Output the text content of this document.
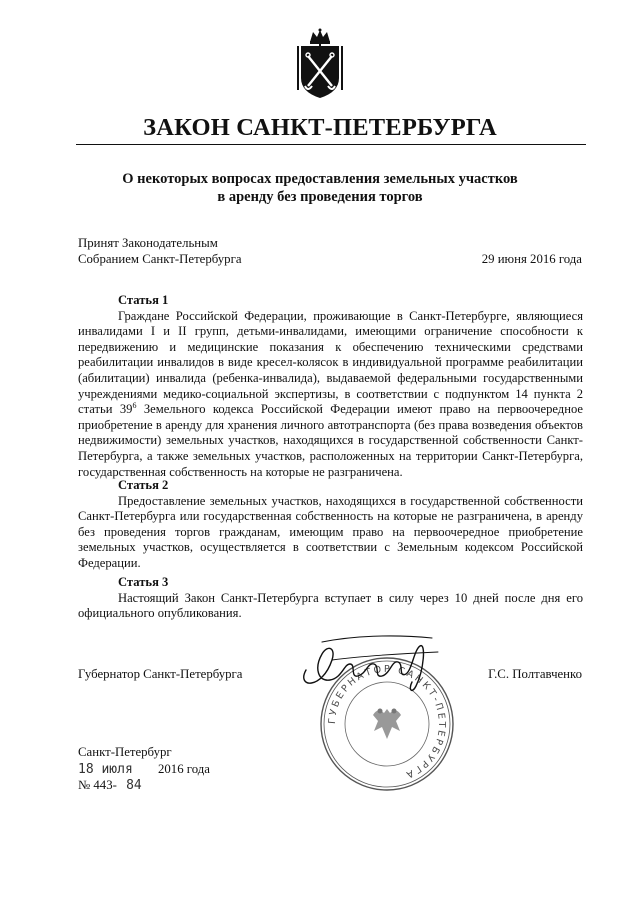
ЗАКОН САНКТ-ПЕТЕРБУРГА
О некоторых вопросах предоставления земельных участков
в аренду без проведения торгов
Принят Законодательным
Собранием Санкт-Петербурга	29 июня 2016 года
Статья 1
Граждане Российской Федерации, проживающие в Санкт-Петербурге, являющиеся инвалидами I и II групп, детьми-инвалидами, имеющими ограничение способности к передвижению и медицинские показания к обеспечению техническими средствами реабилитации инвалидов в виде кресел-колясок в индивидуальной программе реабилитации (абилитации) инвалида (ребенка-инвалида), выдаваемой федеральными государственными учреждениями медико-социальной экспертизы, в соответствии с подпунктом 14 пункта 2 статьи $39^6$ Земельного кодекса Российской Федерации имеют право на первоочередное приобретение в аренду для хранения личного автотранспорта (без права возведения объектов недвижимости) земельных участков, находящихся в государственной собственности Санкт-Петербурга, а также земельных участков, расположенных на территории Санкт-Петербурга, государственная собственность на которые не разграничена.
Статья 2
Предоставление земельных участков, находящихся в государственной собственности Санкт-Петербурга или государственная собственность на которые не разграничена, в аренду без проведения торгов гражданам, имеющим право на первоочередное приобретение земельных участков, осуществляется в соответствии с Земельным кодексом Российской Федерации.
Статья 3
Настоящий Закон Санкт-Петербурга вступает в силу через 10 дней после дня его официального опубликования.
Губернатор Санкт-Петербурга	Г.С. Полтавченко
ГУБЕРНАТОР САНКТ-ПЕТЕРБУРГА
Санкт-Петербург
18 июля 2016 года
№ 443- 84
